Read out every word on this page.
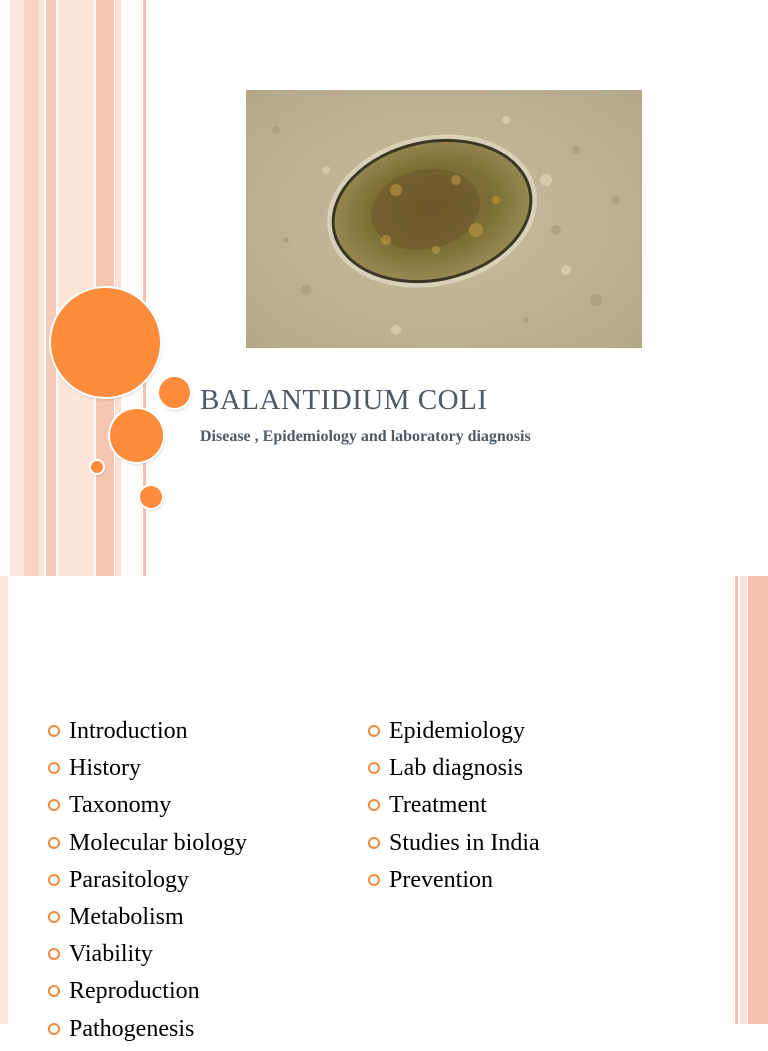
BALANTIDIUM COLI
Disease , Epidemiology and laboratory diagnosis
Introduction
History
Taxonomy
Molecular biology
Parasitology
Metabolism
Viability
Reproduction
Pathogenesis
Epidemiology
Lab diagnosis
Treatment
Studies in India
Prevention
